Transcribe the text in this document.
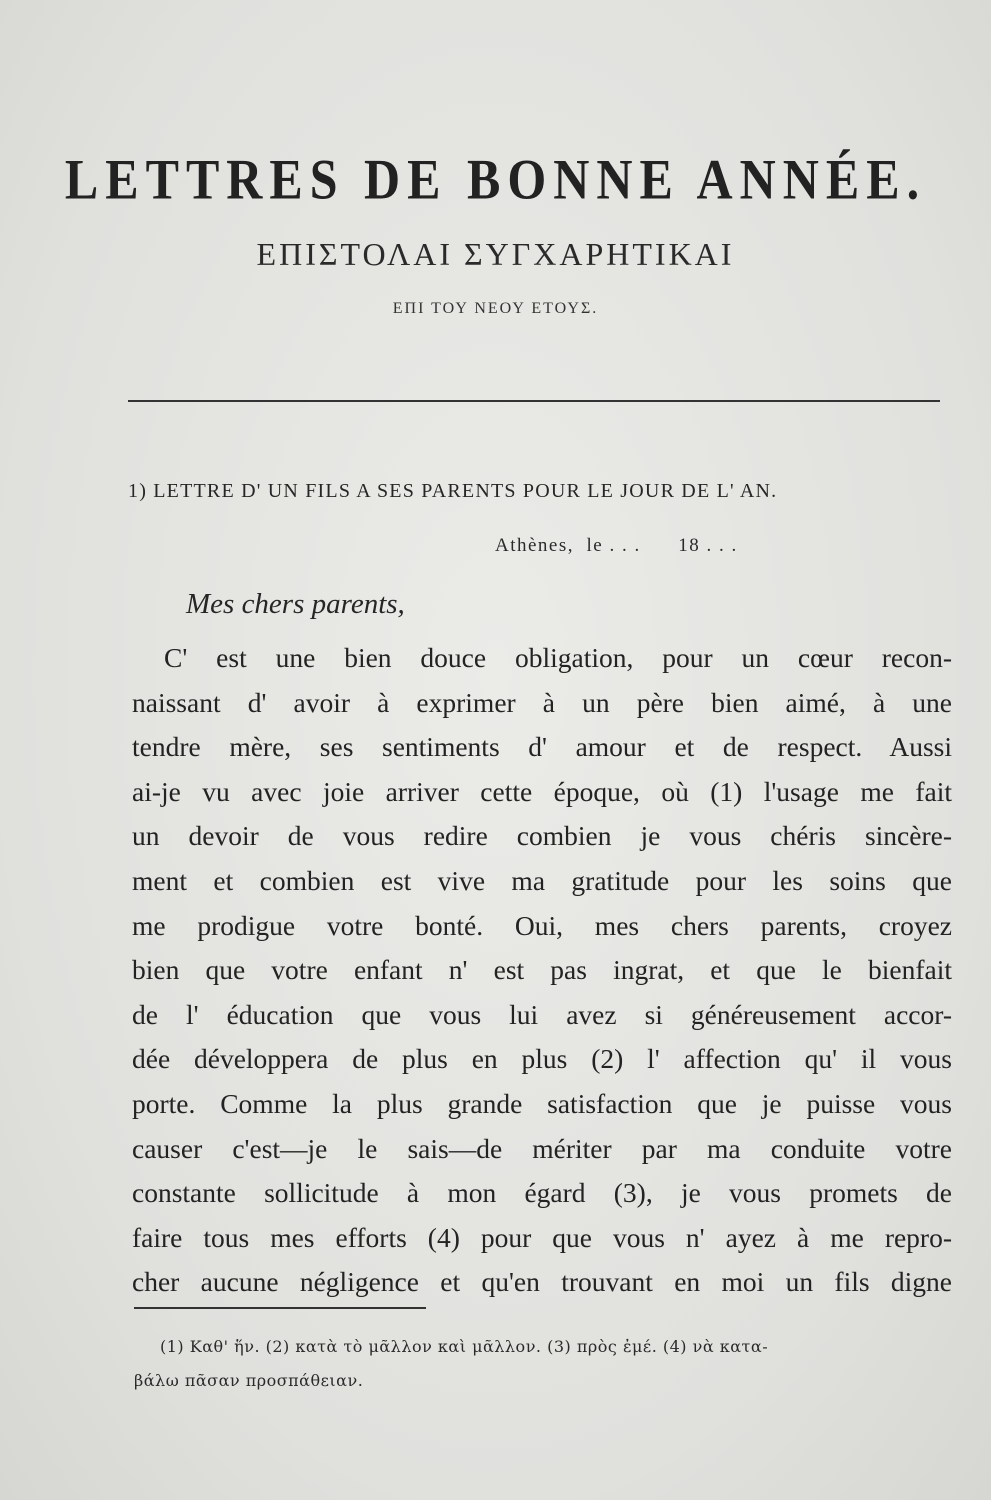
LETTRES DE BONNE ANNÉE.
ΕΠΙΣΤΟΛΑΙ ΣΥΓΧΑΡΗΤΙΚΑΙ
ΕΠΙ ΤΟΥ ΝΕΟΥ ΕΤΟΥΣ.
1) LETTRE D' UN FILS A SES PARENTS POUR LE JOUR DE L' AN.
Athènes,  le . . .      18 . . .
Mes chers parents,
C' est une bien douce obligation, pour un cœur recon-
naissant d' avoir à exprimer à un père bien aimé, à une
tendre mère, ses sentiments d' amour et de respect. Aussi
ai-je vu avec joie arriver cette époque, où (1) l'usage me fait
un devoir de vous redire combien je vous chéris sincère-
ment et combien est vive ma gratitude pour les soins que
me prodigue votre bonté. Oui, mes chers parents, croyez
bien que votre enfant n' est pas ingrat, et que le bienfait
de l' éducation que vous lui avez si généreusement accor-
dée développera de plus en plus (2) l' affection qu' il vous
porte. Comme la plus grande satisfaction que je puisse vous
causer c'est—je le sais—de mériter par ma conduite votre
constante sollicitude à mon égard (3), je vous promets de
faire tous mes efforts (4) pour que vous n' ayez à me repro-
cher aucune négligence et qu'en trouvant en moi un fils digne
(1) Καθ' ἥν. (2) κατὰ τὸ μᾶλλον καὶ μᾶλλον. (3) πρὸς ἐμέ. (4) νὰ κατα-
βάλω πᾶσαν προσπάθειαν.
